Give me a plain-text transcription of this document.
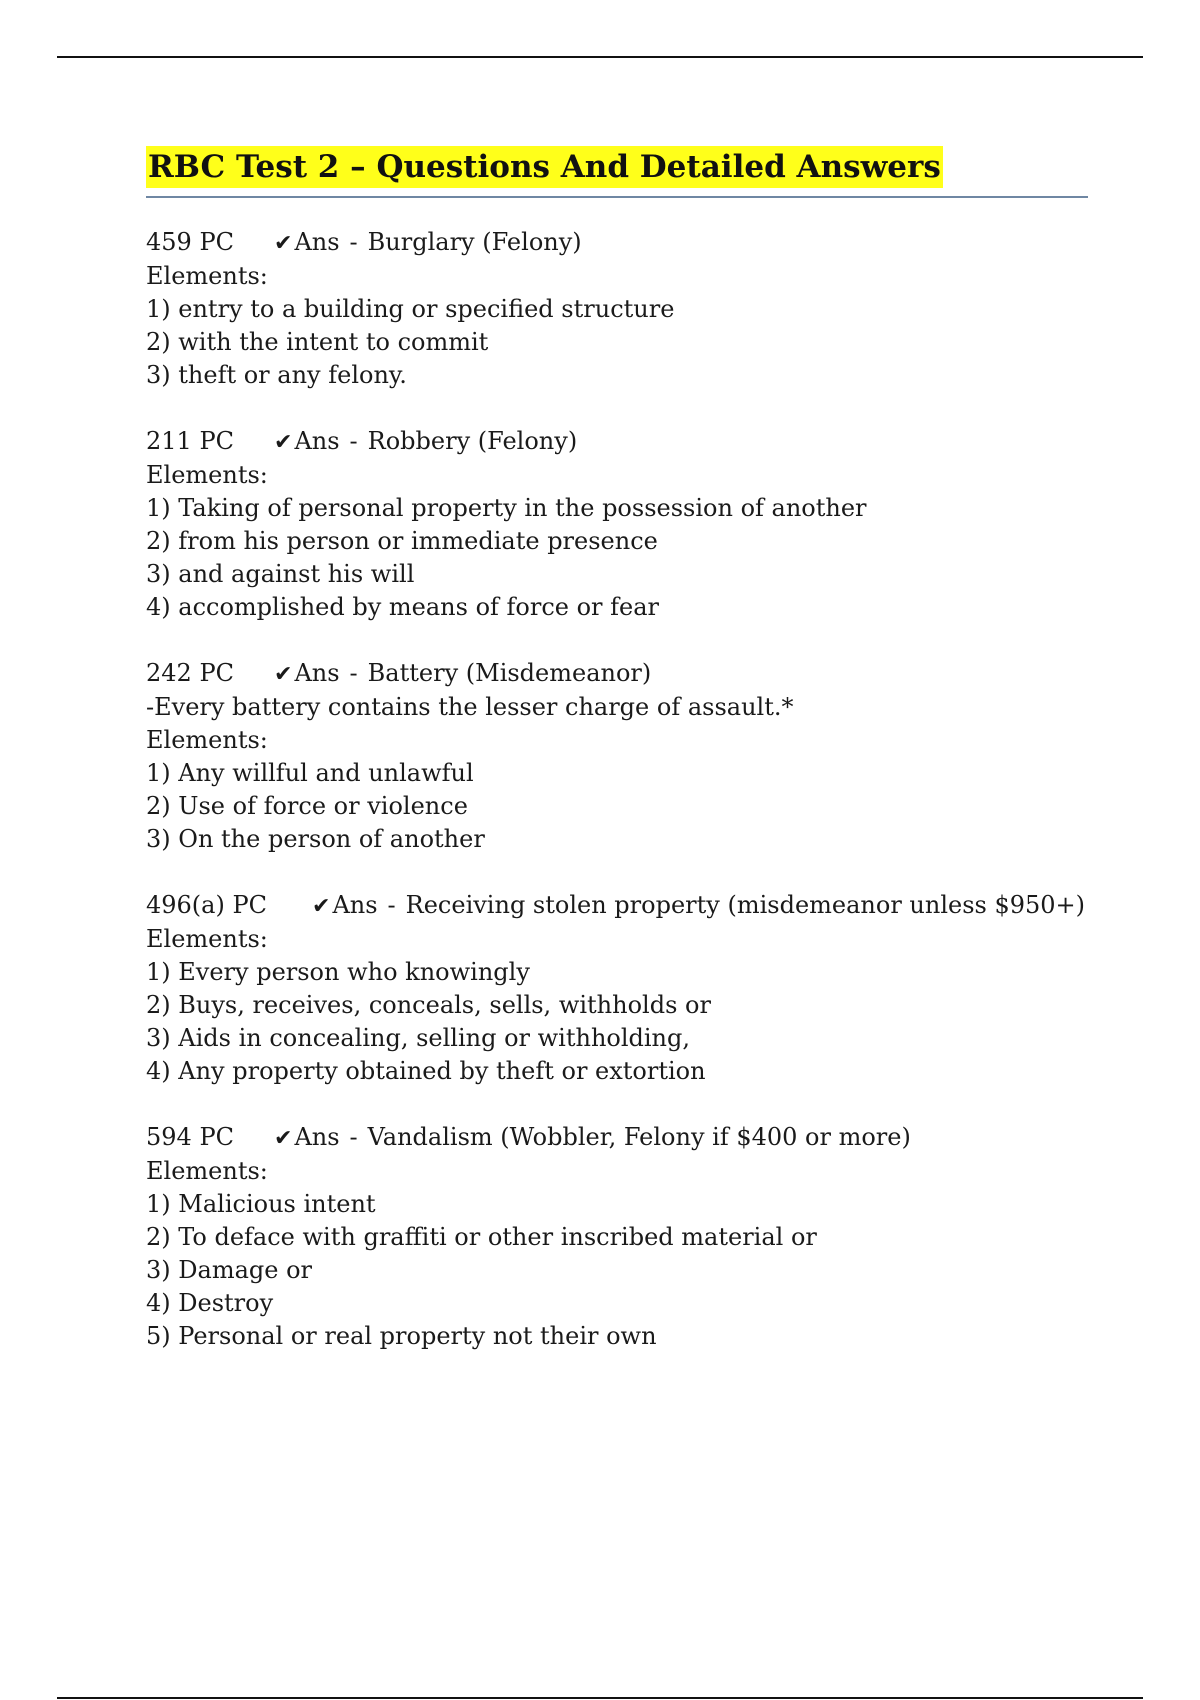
RBC Test 2 – Questions And Detailed Answers
459 PC ✔Ans - Burglary (Felony)
Elements:
1) entry to a building or specified structure
2) with the intent to commit
3) theft or any felony.
211 PC ✔Ans - Robbery (Felony)
Elements:
1) Taking of personal property in the possession of another
2) from his person or immediate presence
3) and against his will
4) accomplished by means of force or fear
242 PC ✔Ans - Battery (Misdemeanor)
-Every battery contains the lesser charge of assault.*
Elements:
1) Any willful and unlawful
2) Use of force or violence
3) On the person of another
496(a) PC ✔Ans - Receiving stolen property (misdemeanor unless $950+)
Elements:
1) Every person who knowingly
2) Buys, receives, conceals, sells, withholds or
3) Aids in concealing, selling or withholding,
4) Any property obtained by theft or extortion
594 PC ✔Ans - Vandalism (Wobbler, Felony if $400 or more)
Elements:
1) Malicious intent
2) To deface with graffiti or other inscribed material or
3) Damage or
4) Destroy
5) Personal or real property not their own
